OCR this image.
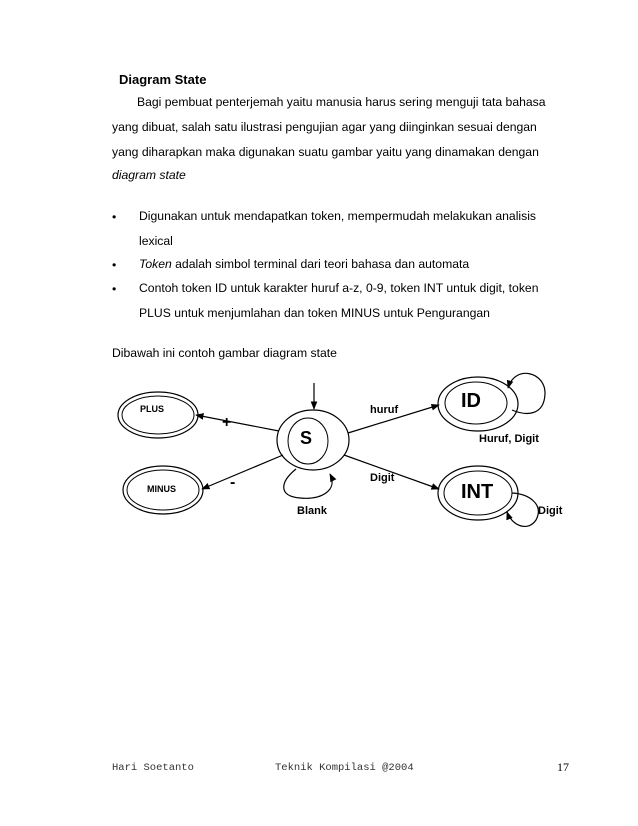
Diagram State
Bagi pembuat penterjemah yaitu manusia harus sering menguji tata bahasa
yang dibuat, salah satu ilustrasi pengujian agar yang diinginkan sesuai dengan
yang diharapkan maka digunakan suatu gambar yaitu yang dinamakan dengan
diagram state
• Digunakan untuk mendapatkan token, mempermudah melakukan analisis
lexical
• Token adalah simbol terminal dari teori bahasa dan automata
• Contoh token ID untuk karakter huruf a-z, 0-9, token INT untuk digit, token
PLUS untuk menjumlahan dan token MINUS untuk Pengurangan
Dibawah ini contoh gambar diagram state
PLUS
MINUS
S
ID
INT
+
-
huruf
Digit
Blank
Huruf, Digit
Digit
Hari Soetanto	Teknik Kompilasi @2004	17
